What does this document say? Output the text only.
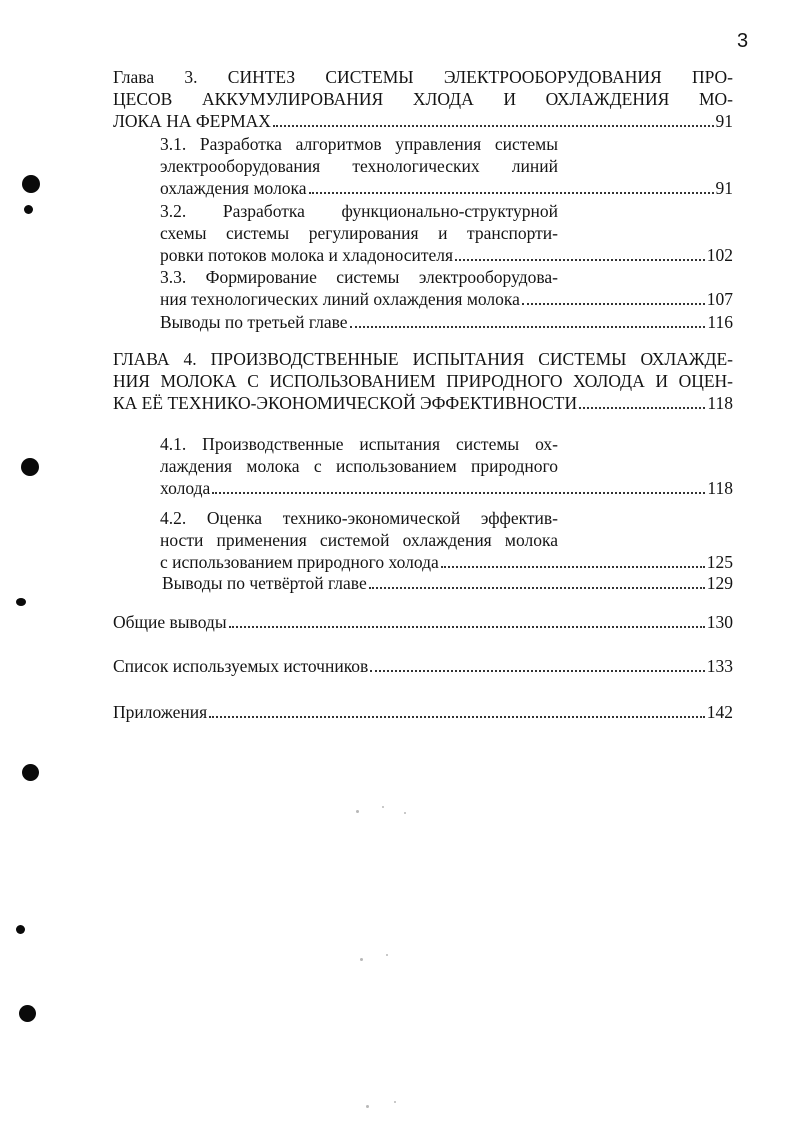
3
Глава 3. СИНТЕЗ СИСТЕМЫ ЭЛЕКТРООБОРУДОВАНИЯ ПРО-
ЦЕСОВ АККУМУЛИРОВАНИЯ ХЛОДА И ОХЛАЖДЕНИЯ МО-
ЛОКА НА ФЕРМАХ	91
3.1. Разработка алгоритмов управления системы
электрооборудования технологических линий
охлаждения молока	91
3.2. Разработка функционально-структурной
схемы системы регулирования и транспорти-
ровки потоков молока и хладоносителя	102
3.3. Формирование системы электрооборудова-
ния технологических линий охлаждения молока	107
Выводы по третьей главе	116
ГЛАВА 4. ПРОИЗВОДСТВЕННЫЕ ИСПЫТАНИЯ СИСТЕМЫ ОХЛАЖДЕ-
НИЯ МОЛОКА С ИСПОЛЬЗОВАНИЕМ ПРИРОДНОГО ХОЛОДА И ОЦЕН-
КА ЕЁ ТЕХНИКО-ЭКОНОМИЧЕСКОЙ ЭФФЕКТИВНОСТИ	118
4.1. Производственные испытания системы ох-
лаждения молока с использованием природного
холода	118
4.2. Оценка технико-экономической эффектив-
ности применения системой охлаждения молока
с использованием природного холода	125
Выводы по четвёртой главе	129
Общие выводы	130
Список используемых источников	133
Приложения	142
